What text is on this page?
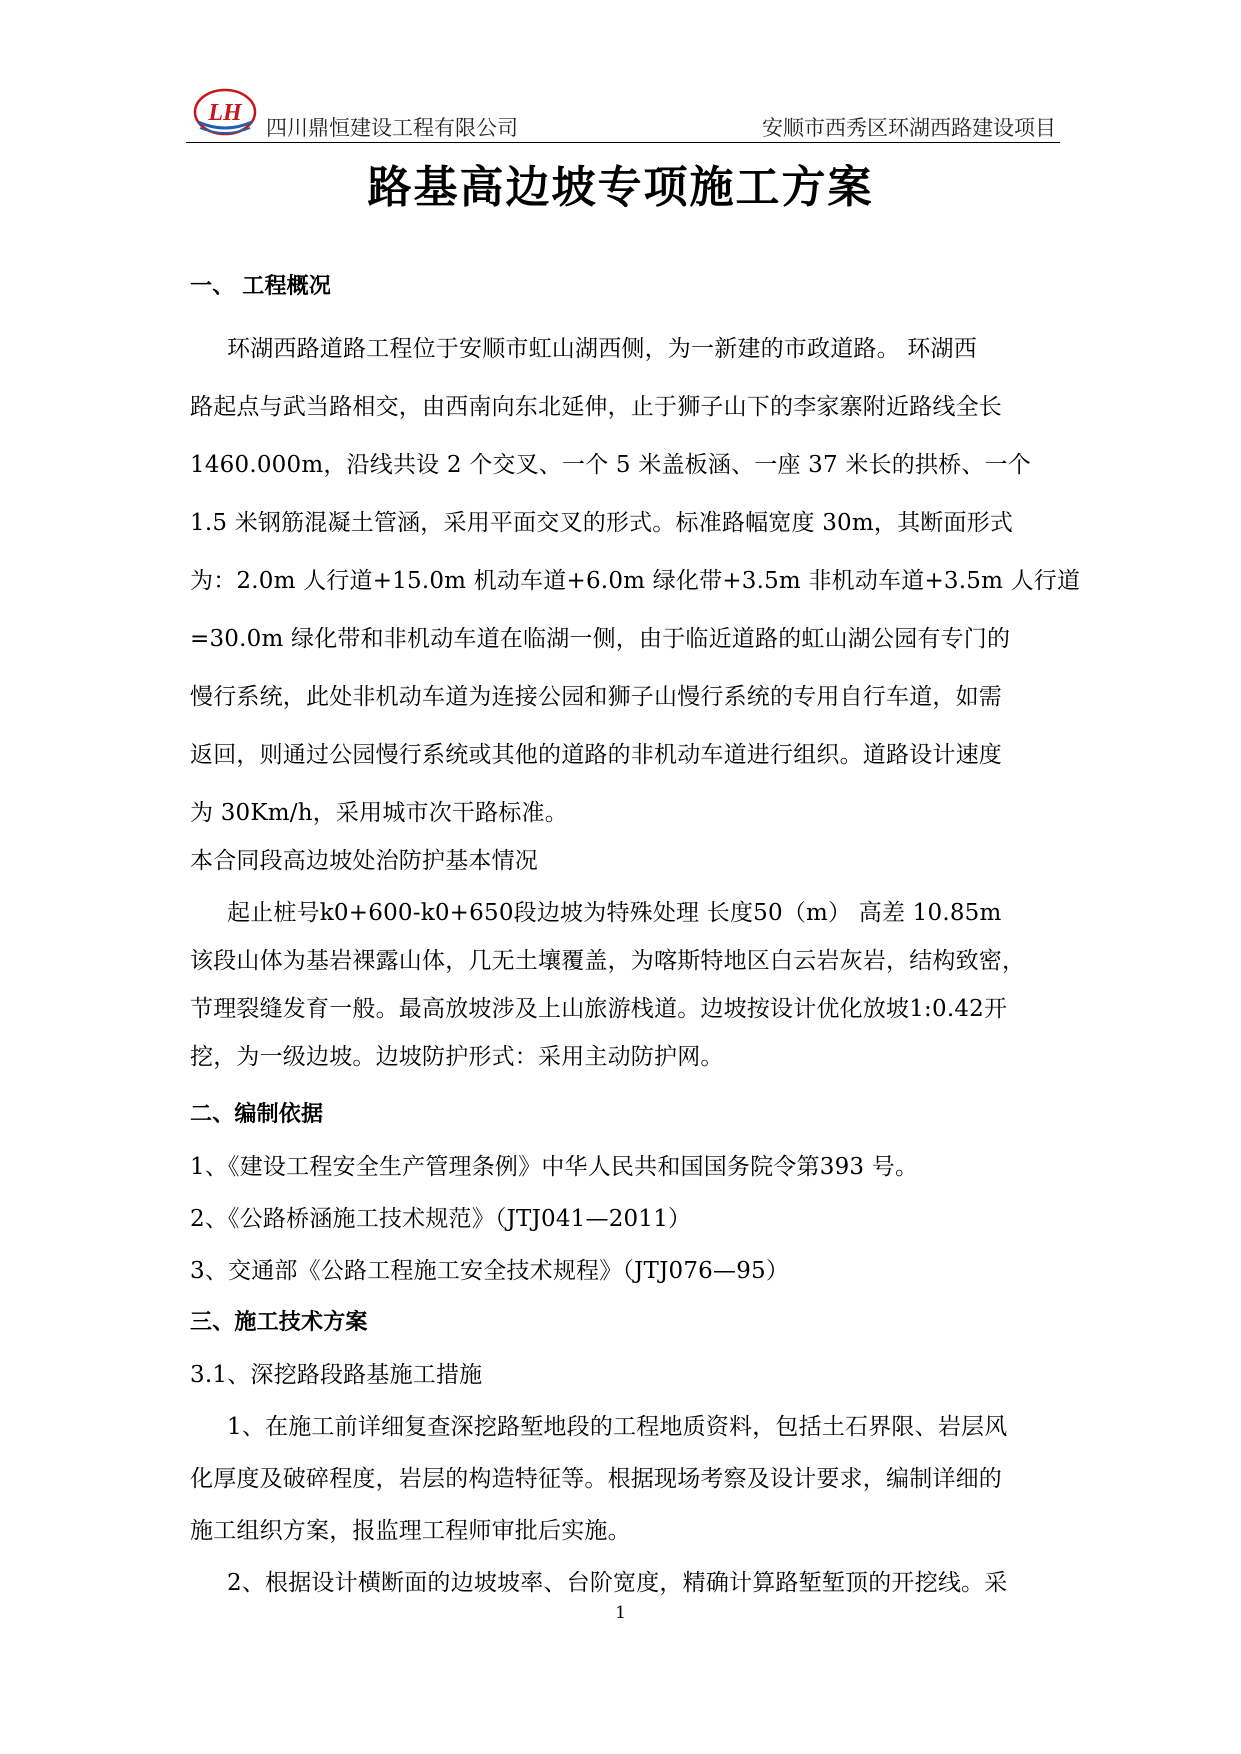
LH
四川鼎恒建设工程有限公司	安顺市西秀区环湖西路建设项目
路基高边坡专项施工方案
一、 工程概况
环湖西路道路工程位于安顺市虹山湖西侧，为一新建的市政道路。 环湖西
路起点与武当路相交，由西南向东北延伸，止于狮子山下的李家寨附近路线全长
1460.000m，沿线共设 2 个交叉、一个 5 米盖板涵、一座 37 米长的拱桥、一个
1.5 米钢筋混凝土管涵，采用平面交叉的形式。标准路幅宽度 30m，其断面形式
为：2.0m 人行道+15.0m 机动车道+6.0m 绿化带+3.5m 非机动车道+3.5m 人行道
=30.0m 绿化带和非机动车道在临湖一侧，由于临近道路的虹山湖公园有专门的
慢行系统，此处非机动车道为连接公园和狮子山慢行系统的专用自行车道，如需
返回，则通过公园慢行系统或其他的道路的非机动车道进行组织。道路设计速度
为 30Km/h，采用城市次干路标准。
本合同段高边坡处治防护基本情况
起止桩号k0+600-k0+650段边坡为特殊处理 长度50（m） 高差 10.85m
该段山体为基岩裸露山体，几无土壤覆盖，为喀斯特地区白云岩灰岩，结构致密，
节理裂缝发育一般。最高放坡涉及上山旅游栈道。边坡按设计优化放坡1:0.42开
挖，为一级边坡。边坡防护形式：采用主动防护网。
二、编制依据
1、《建设工程安全生产管理条例》中华人民共和国国务院令第393 号。
2、《公路桥涵施工技术规范》（JTJ041—2011）
3、交通部《公路工程施工安全技术规程》（JTJ076—95）
三、施工技术方案
3.1、深挖路段路基施工措施
1、在施工前详细复查深挖路堑地段的工程地质资料，包括土石界限、岩层风
化厚度及破碎程度，岩层的构造特征等。根据现场考察及设计要求，编制详细的
施工组织方案，报监理工程师审批后实施。
2、根据设计横断面的边坡坡率、台阶宽度，精确计算路堑堑顶的开挖线。采
1
